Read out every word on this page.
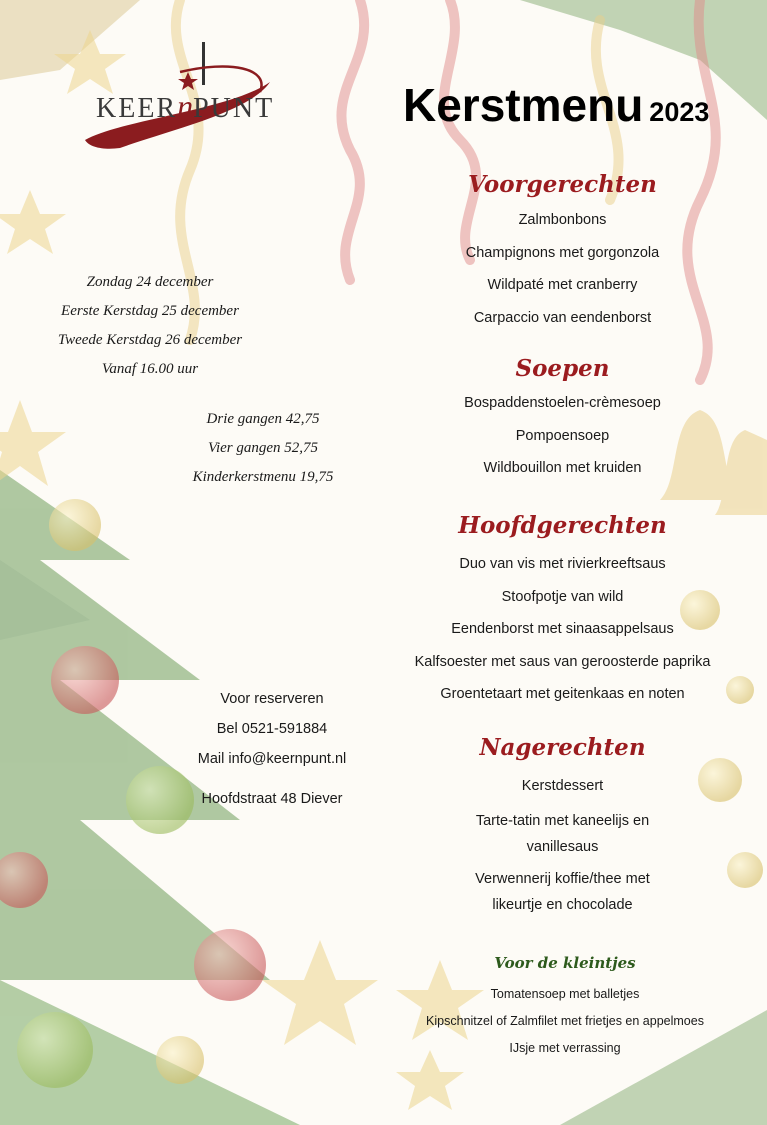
KEERnPUNT	Kerstmenu 2023
Zondag 24 december
Eerste Kerstdag 25 december
Tweede Kerstdag 26 december
Vanaf 16.00 uur
Drie gangen 42,75
Vier gangen 52,75
Kinderkerstmenu 19,75
Voor reserveren
Bel 0521-591884
Mail info@keernpunt.nl
Hoofdstraat 48 Diever
Voorgerechten
Zalmbonbons
Champignons met gorgonzola
Wildpaté met cranberry
Carpaccio van eendenborst
Soepen
Bospaddenstoelen-crèmesoep
Pompoensoep
Wildbouillon met kruiden
Hoofdgerechten
Duo van vis met rivierkreeftsaus
Stoofpotje van wild
Eendenborst met sinaasappelsaus
Kalfsoester met saus van geroosterde paprika
Groentetaart met geitenkaas en noten
Nagerechten
Kerstdessert
Tarte-tatin met kaneelijs en vanillesaus
Verwennerij koffie/thee met likeurtje en chocolade
Voor de kleintjes
Tomatensoep met balletjes
Kipschnitzel of Zalmfilet met frietjes en appelmoes
IJsje met verrassing
